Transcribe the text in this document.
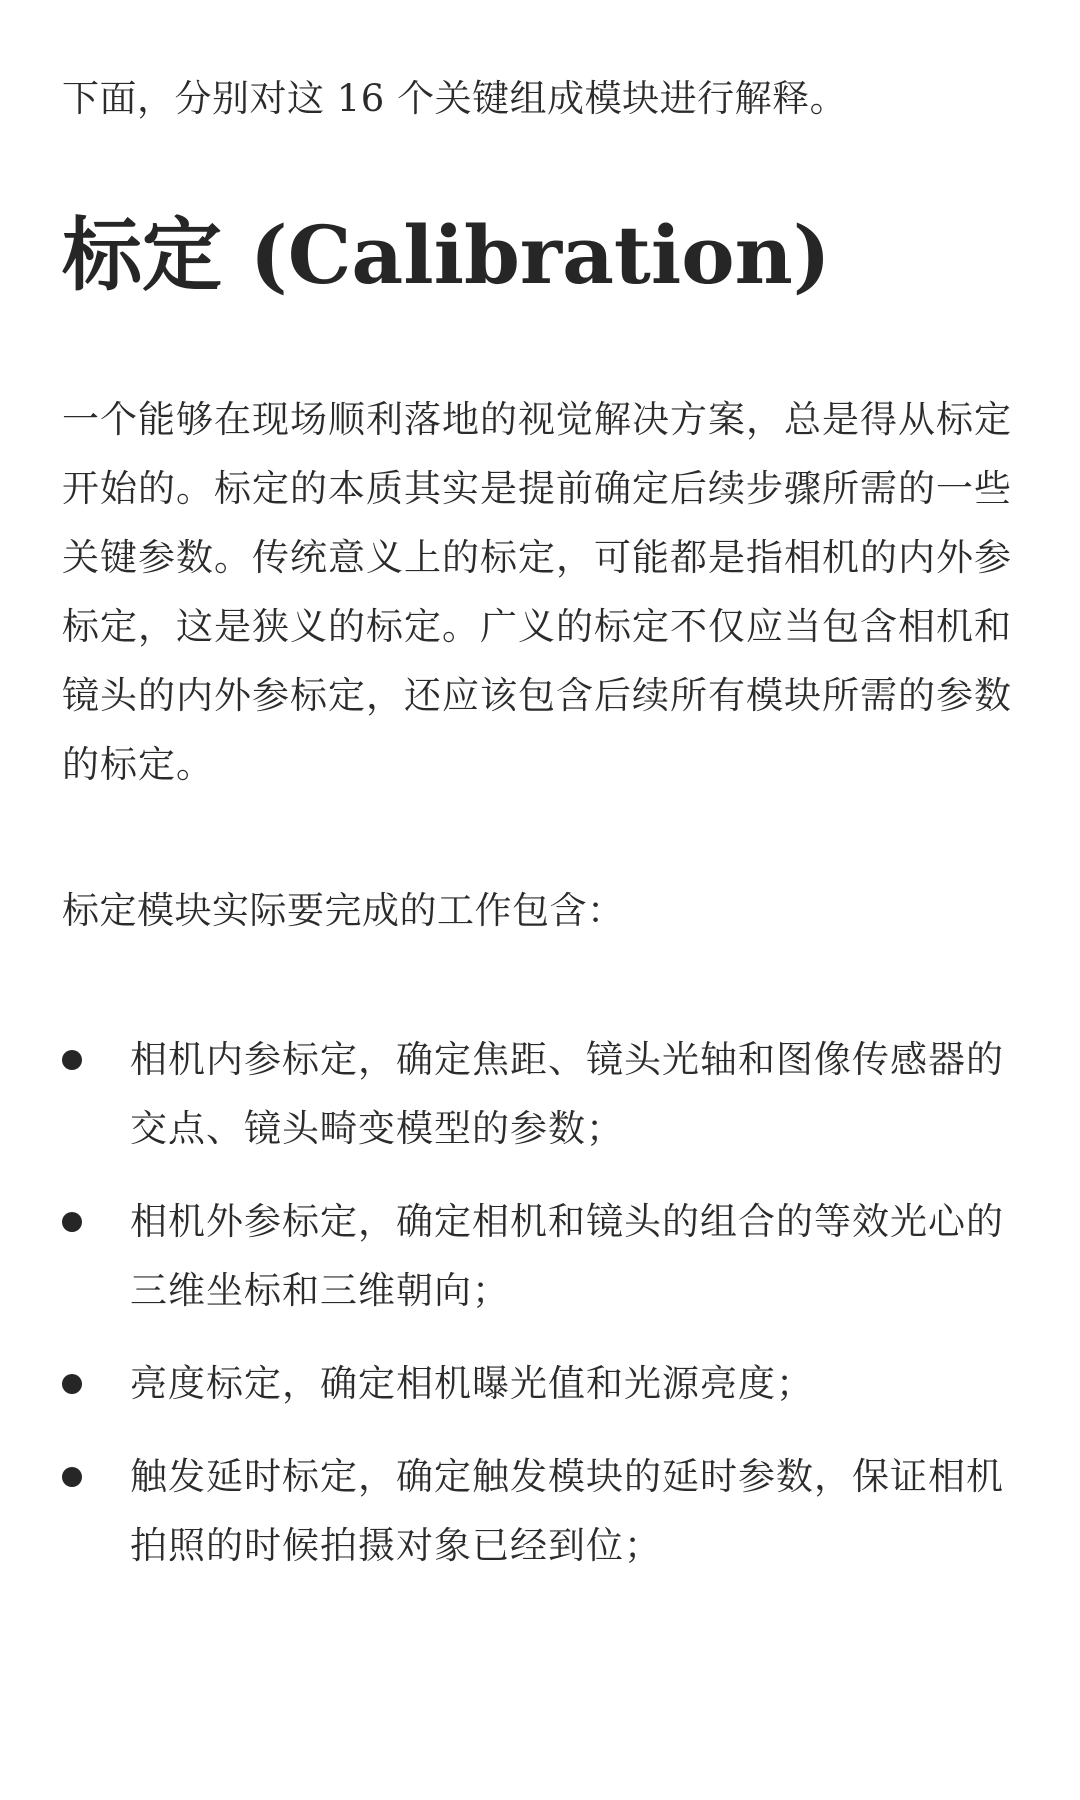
下面，分别对这 16 个关键组成模块进行解释。

标定 (Calibration)

一个能够在现场顺利落地的视觉解决方案，总是得从标定开始的。标定的本质其实是提前确定后续步骤所需的一些关键参数。传统意义上的标定，可能都是指相机的内外参标定，这是狭义的标定。广义的标定不仅应当包含相机和镜头的内外参标定，还应该包含后续所有模块所需的参数的标定。

标定模块实际要完成的工作包含：

相机内参标定，确定焦距、镜头光轴和图像传感器的交点、镜头畸变模型的参数；
相机外参标定，确定相机和镜头的组合的等效光心的三维坐标和三维朝向；
亮度标定，确定相机曝光值和光源亮度；
触发延时标定，确定触发模块的延时参数，保证相机拍照的时候拍摄对象已经到位；
